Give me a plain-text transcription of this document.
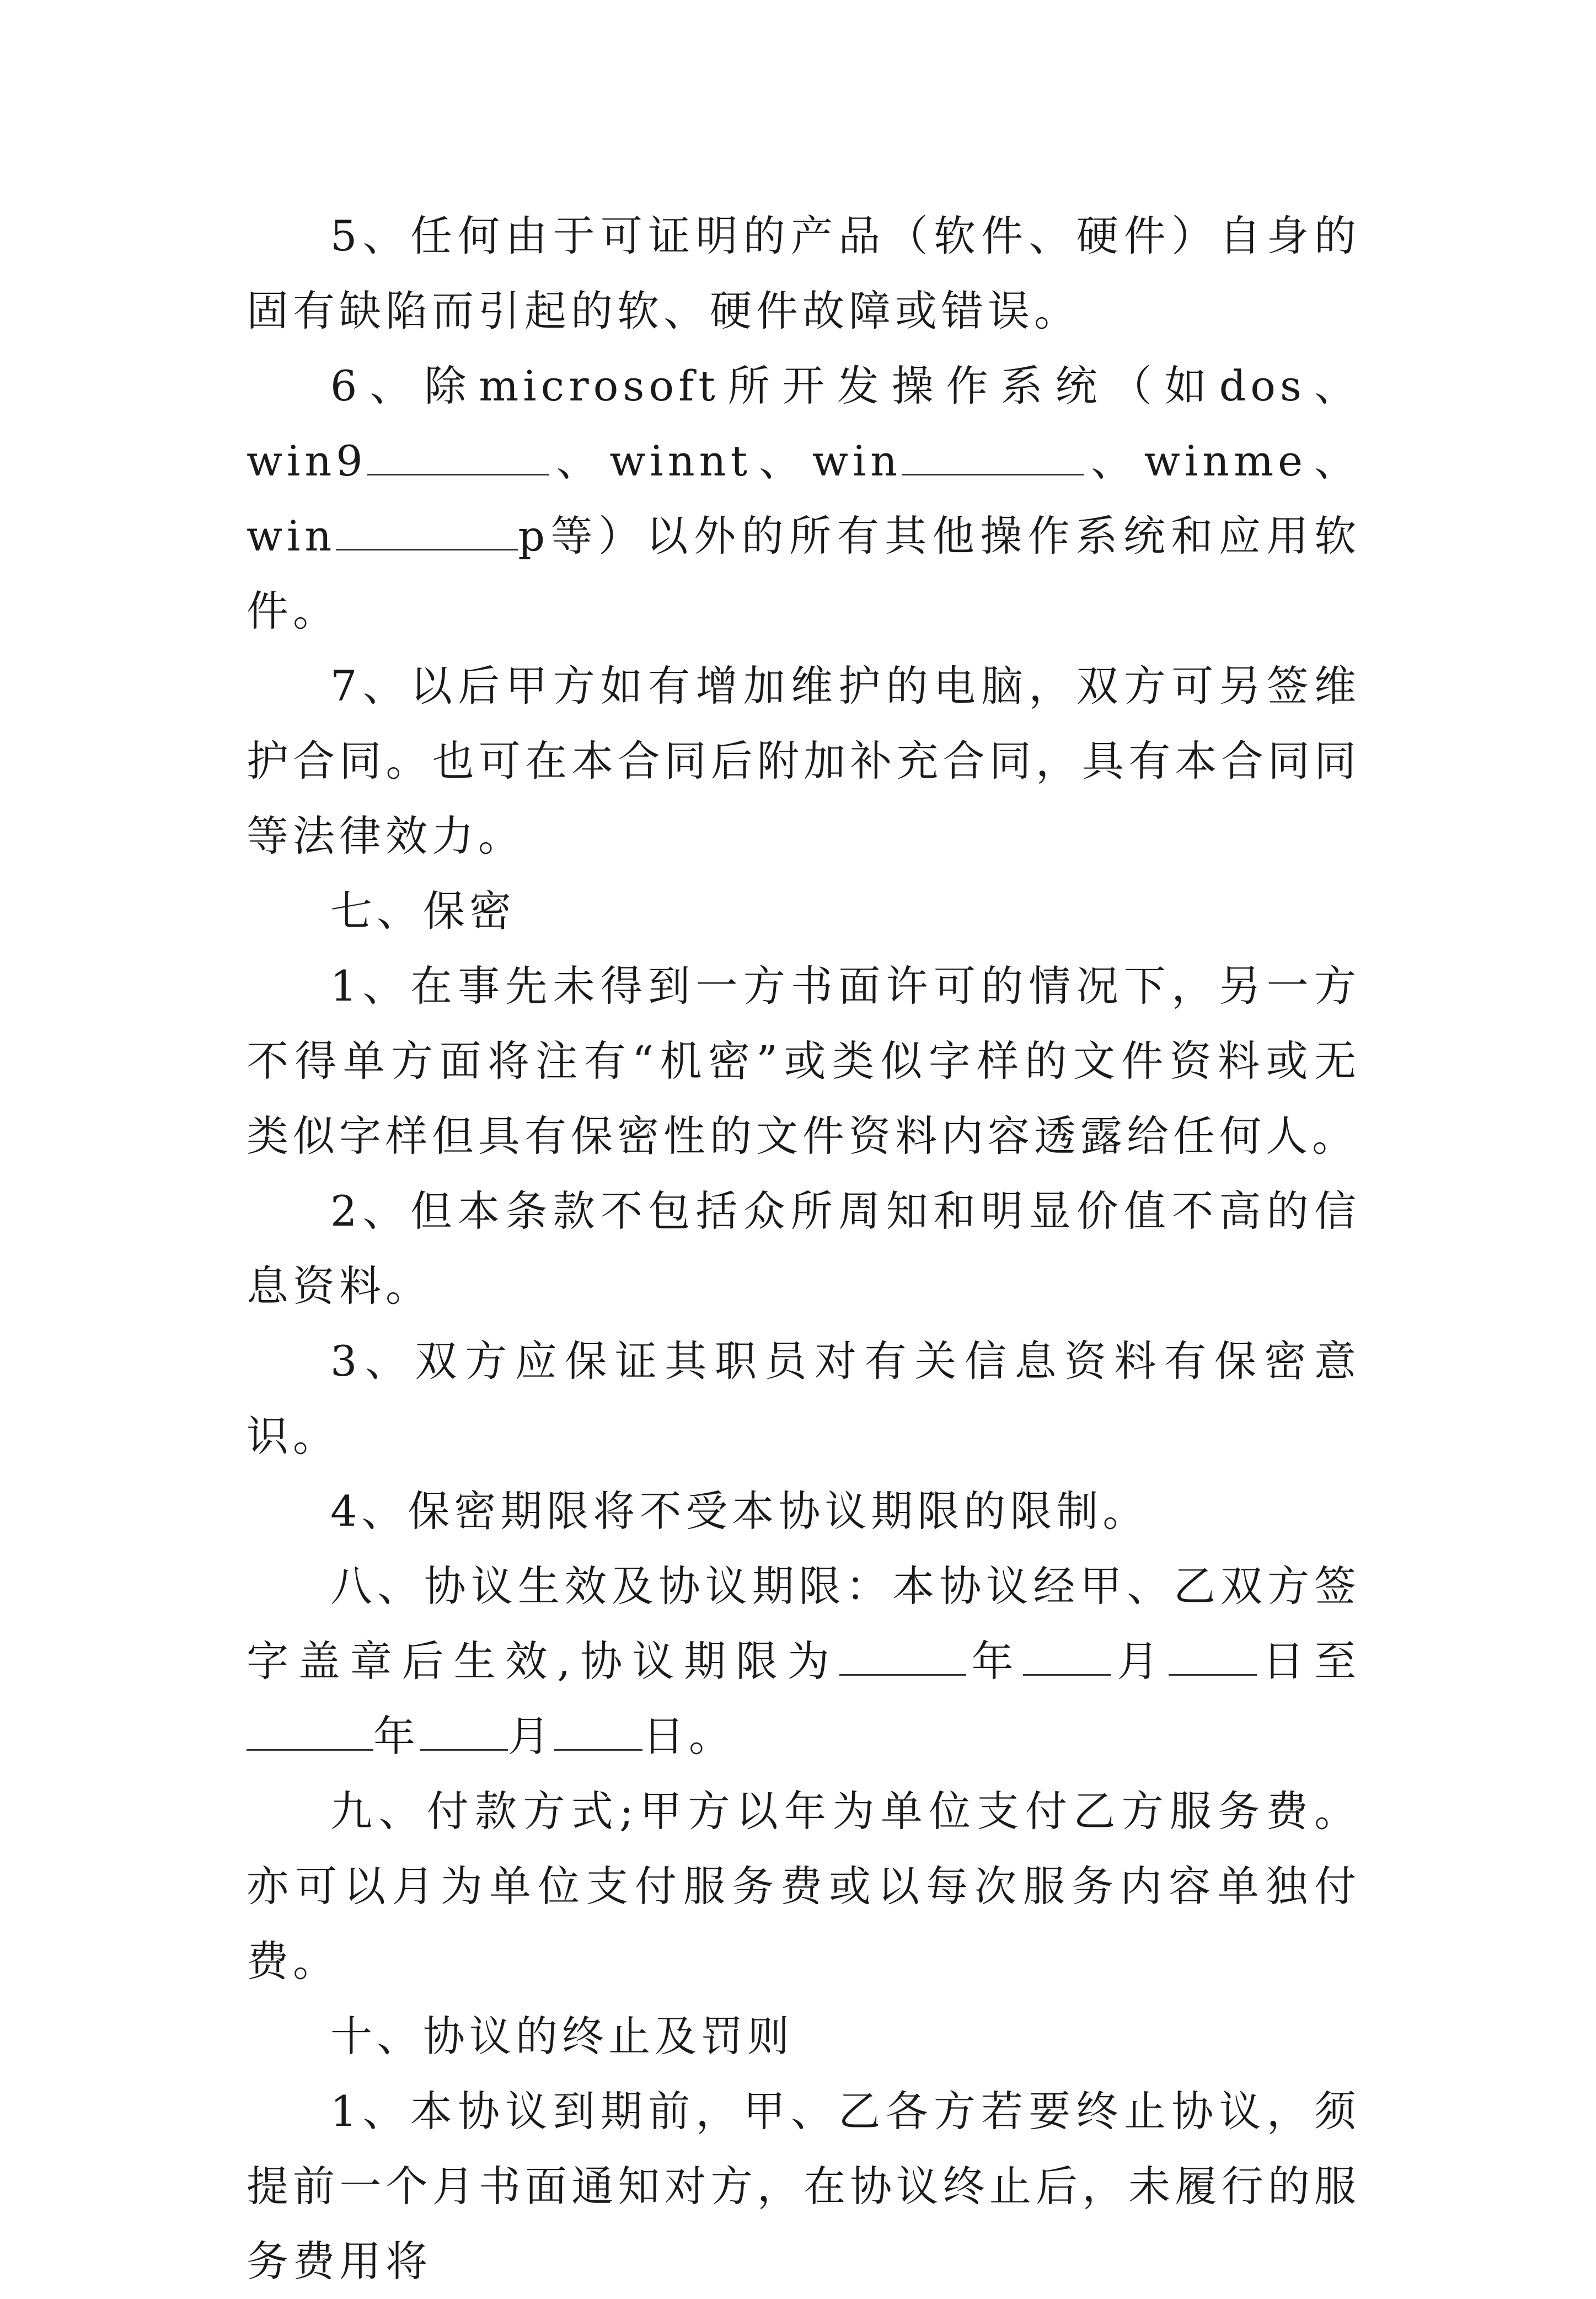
5、任何由于可证明的产品（软件、硬件）自身的固有缺陷而引起的软、硬件故障或错误。

6、除microsoft所开发操作系统（如dos、win9	、winnt、win	、winme、win	p等）以外的所有其他操作系统和应用软件。

7、以后甲方如有增加维护的电脑，双方可另签维护合同。也可在本合同后附加补充合同，具有本合同同等法律效力。

七、保密

1、在事先未得到一方书面许可的情况下，另一方不得单方面将注有“机密”或类似字样的文件资料或无类似字样但具有保密性的文件资料内容透露给任何人。

2、但本条款不包括众所周知和明显价值不高的信息资料。

3、双方应保证其职员对有关信息资料有保密意识。

4、保密期限将不受本协议期限的限制。

八、协议生效及协议期限：本协议经甲、乙双方签字盖章后生效,协议期限为	年 月 日至年 月 日。

九、付款方式;甲方以年为单位支付乙方服务费。亦可以月为单位支付服务费或以每次服务内容单独付费。

十、协议的终止及罚则

1、本协议到期前，甲、乙各方若要终止协议，须提前一个月书面通知对方，在协议终止后，未履行的服务费用将
